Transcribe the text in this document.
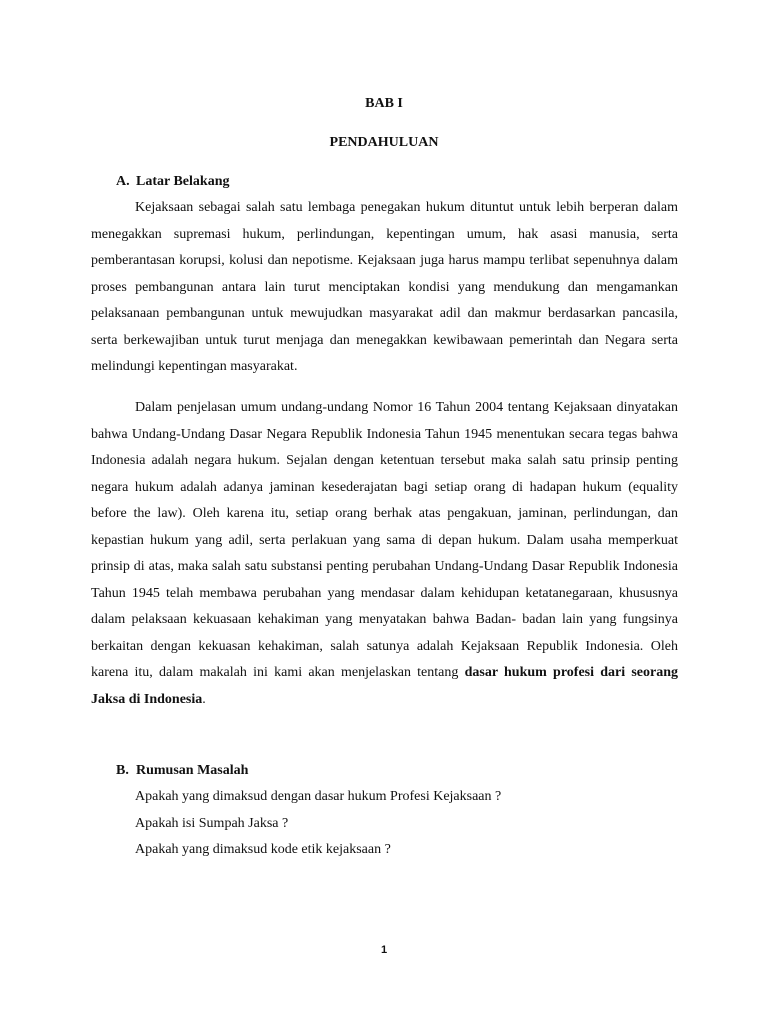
BAB I
PENDAHULUAN
A. Latar Belakang

Kejaksaan sebagai salah satu lembaga penegakan hukum dituntut untuk lebih berperan dalam menegakkan supremasi hukum, perlindungan, kepentingan umum, hak asasi manusia, serta pemberantasan korupsi, kolusi dan nepotisme. Kejaksaan juga harus mampu terlibat sepenuhnya dalam proses pembangunan antara lain turut menciptakan kondisi yang mendukung dan mengamankan pelaksanaan pembangunan untuk mewujudkan masyarakat adil dan makmur berdasarkan pancasila, serta berkewajiban untuk turut menjaga dan menegakkan kewibawaan pemerintah dan Negara serta melindungi kepentingan masyarakat.

Dalam penjelasan umum undang-undang Nomor 16 Tahun 2004 tentang Kejaksaan dinyatakan bahwa Undang-Undang Dasar Negara Republik Indonesia Tahun 1945 menentukan secara tegas bahwa Indonesia adalah negara hukum. Sejalan dengan ketentuan tersebut maka salah satu prinsip penting negara hukum adalah adanya jaminan kesederajatan bagi setiap orang di hadapan hukum (equality before the law). Oleh karena itu, setiap orang berhak atas pengakuan, jaminan, perlindungan, dan kepastian hukum yang adil, serta perlakuan yang sama di depan hukum. Dalam usaha memperkuat prinsip di atas, maka salah satu substansi penting perubahan Undang-Undang Dasar Republik Indonesia Tahun 1945 telah membawa perubahan yang mendasar dalam kehidupan ketatanegaraan, khususnya dalam pelaksaan kekuasaan kehakiman yang menyatakan bahwa Badan- badan lain yang fungsinya berkaitan dengan kekuasan kehakiman, salah satunya adalah Kejaksaan Republik Indonesia. Oleh karena itu, dalam makalah ini kami akan menjelaskan tentang dasar hukum profesi dari seorang Jaksa di Indonesia.

B. Rumusan Masalah
Apakah yang dimaksud dengan dasar hukum Profesi Kejaksaan ?
Apakah isi Sumpah Jaksa ?
Apakah yang dimaksud kode etik kejaksaan ?
1
